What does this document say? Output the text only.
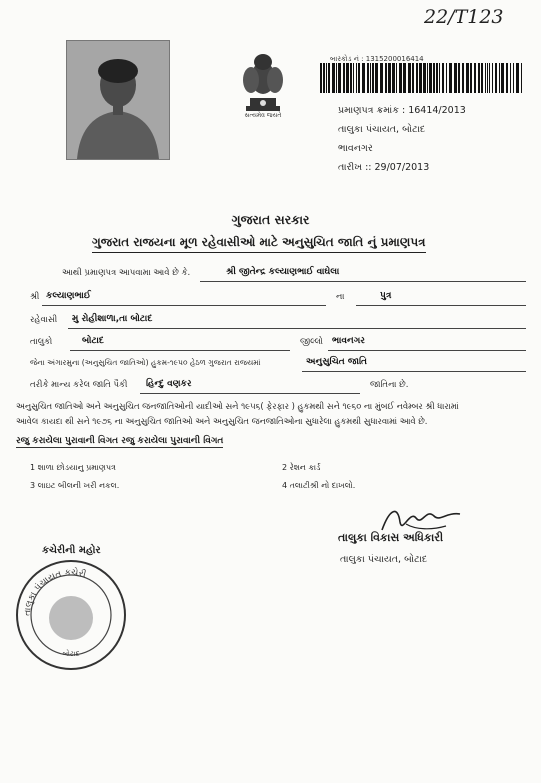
22/T123
સત્યમેવ જયતે
બારકોડ નં : 1315200016414
પ્રમાણપત્ર ક્રમાંક : 16414/2013
તાલુકા પંચાયત, બોટાદ
ભાવનગર
તારીખ :: 29/07/2013
ગુજરાત સરકાર
ગુજરાત રાજયના મૂળ રહેવાસીઓ માટે અનુસુચિત જાતિ નું પ્રમાણપત્ર
આથી પ્રમાણપત્ર આપવામા આવે છે કે.	શ્રી જીતેન્દ્ર કલ્યાણભાઈ વાઘેલા
શ્રી કલ્યાણભાઈ	ના	પુત્ર
રહેવાસી મુ રોહીશાળા,તા બોટાદ
તાલુકો	બોટાદ	જીલ્લો ભાવનગર
જેના અંગારમુના (અનુસુચિત જાતિઓ) હુકમ-૧૯૫૦ હેઠળ ગુજરાત રાજયમાં	અનુસુચિત જાતિ
તરીકે માન્ય કરેલ જાતિ પૈકી હિન્દુ વણકર	જાતિના છે.
અનુસુચિત જાતિઓ અને અનુસુચિત જનજાતિઓની યાદીઓ સને ૧૯૫૬( ફેરફાર ) હુકમથી સને ૧૯૬૦ ના મુંબઈ નવેમ્બર શ્રી ધારામાં
આવેલ કાયદા થી સને ૧૯૭૬ ના અનુસુચિત જાતિઓ અને અનુસુચિત જનજાતિઓના સુધારેલા હુકમથી સુધારવામાં આવે છે.
રજુ કરાયેલા પુરાવાની વિગત રજુ કરાયેલા પુરાવાની વિગત
1 શાળા છોડયાનુ પ્રમાણપત્ર	2 રેશન કાર્ડ
3 લાઇટ બીલની ખરી નકલ.	4 તલાટીશ્રી નો દાખલો.
કચેરીની મહોર
તાલુકા પંચાયત કચેરી
બોટાદ
તાલુકા વિકાસ અધિકારી
તાલુકા પંચાયત, બોટાદ
